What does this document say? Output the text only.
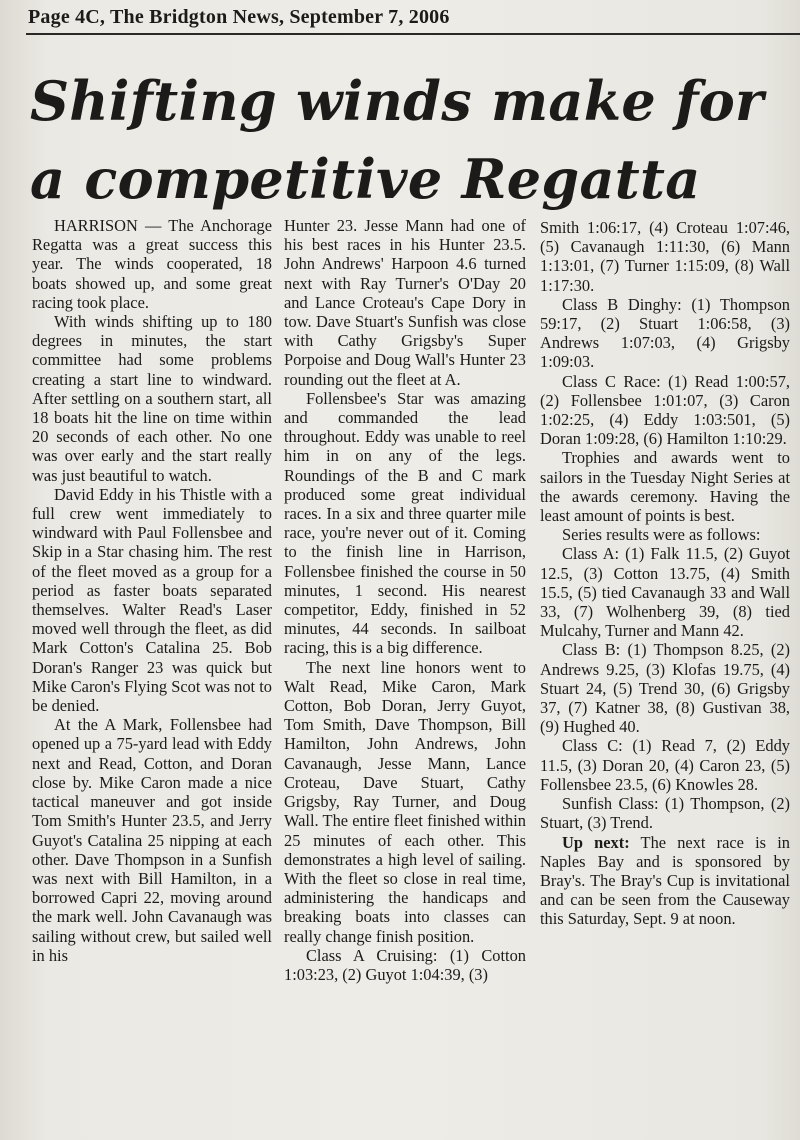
Page 4C, The Bridgton News, September 7, 2006
Shifting winds make for
a competitive Regatta

HARRISON — The Anchorage Regatta was a great success this year. The winds cooperated, 18 boats showed up, and some great racing took place.

With winds shifting up to 180 degrees in minutes, the start committee had some problems creating a start line to windward. After settling on a southern start, all 18 boats hit the line on time within 20 seconds of each other. No one was over early and the start really was just beautiful to watch.

David Eddy in his Thistle with a full crew went immediately to windward with Paul Follensbee and Skip in a Star chasing him. The rest of the fleet moved as a group for a period as faster boats separated themselves. Walter Read's Laser moved well through the fleet, as did Mark Cotton's Catalina 25. Bob Doran's Ranger 23 was quick but Mike Caron's Flying Scot was not to be denied.

At the A Mark, Follensbee had opened up a 75-yard lead with Eddy next and Read, Cotton, and Doran close by. Mike Caron made a nice tactical maneuver and got inside Tom Smith's Hunter 23.5, and Jerry Guyot's Catalina 25 nipping at each other. Dave Thompson in a Sunfish was next with Bill Hamilton, in a borrowed Capri 22, moving around the mark well. John Cavanaugh was sailing without crew, but sailed well in his

Hunter 23. Jesse Mann had one of his best races in his Hunter 23.5. John Andrews' Harpoon 4.6 turned next with Ray Turner's O'Day 20 and Lance Croteau's Cape Dory in tow. Dave Stuart's Sunfish was close with Cathy Grigsby's Super Porpoise and Doug Wall's Hunter 23 rounding out the fleet at A.

Follensbee's Star was amazing and commanded the lead throughout. Eddy was unable to reel him in on any of the legs. Roundings of the B and C mark produced some great individual races. In a six and three quarter mile race, you're never out of it. Coming to the finish line in Harrison, Follensbee finished the course in 50 minutes, 1 second. His nearest competitor, Eddy, finished in 52 minutes, 44 seconds. In sailboat racing, this is a big difference.

The next line honors went to Walt Read, Mike Caron, Mark Cotton, Bob Doran, Jerry Guyot, Tom Smith, Dave Thompson, Bill Hamilton, John Andrews, John Cavanaugh, Jesse Mann, Lance Croteau, Dave Stuart, Cathy Grigsby, Ray Turner, and Doug Wall. The entire fleet finished within 25 minutes of each other. This demonstrates a high level of sailing. With the fleet so close in real time, administering the handicaps and breaking boats into classes can really change finish position.

Class A Cruising: (1) Cotton 1:03:23, (2) Guyot 1:04:39, (3)

Smith 1:06:17, (4) Croteau 1:07:46, (5) Cavanaugh 1:11:30, (6) Mann 1:13:01, (7) Turner 1:15:09, (8) Wall 1:17:30.

Class B Dinghy: (1) Thompson 59:17, (2) Stuart 1:06:58, (3) Andrews 1:07:03, (4) Grigsby 1:09:03.

Class C Race: (1) Read 1:00:57, (2) Follensbee 1:01:07, (3) Caron 1:02:25, (4) Eddy 1:03:501, (5) Doran 1:09:28, (6) Hamilton 1:10:29.

Trophies and awards went to sailors in the Tuesday Night Series at the awards ceremony. Having the least amount of points is best.

Series results were as follows:

Class A: (1) Falk 11.5, (2) Guyot 12.5, (3) Cotton 13.75, (4) Smith 15.5, (5) tied Cavanaugh 33 and Wall 33, (7) Wolhenberg 39, (8) tied Mulcahy, Turner and Mann 42.

Class B: (1) Thompson 8.25, (2) Andrews 9.25, (3) Klofas 19.75, (4) Stuart 24, (5) Trend 30, (6) Grigsby 37, (7) Katner 38, (8) Gustivan 38, (9) Hughed 40.

Class C: (1) Read 7, (2) Eddy 11.5, (3) Doran 20, (4) Caron 23, (5) Follensbee 23.5, (6) Knowles 28.

Sunfish Class: (1) Thompson, (2) Stuart, (3) Trend.

Up next: The next race is in Naples Bay and is sponsored by Bray's. The Bray's Cup is invitational and can be seen from the Causeway this Saturday, Sept. 9 at noon.
